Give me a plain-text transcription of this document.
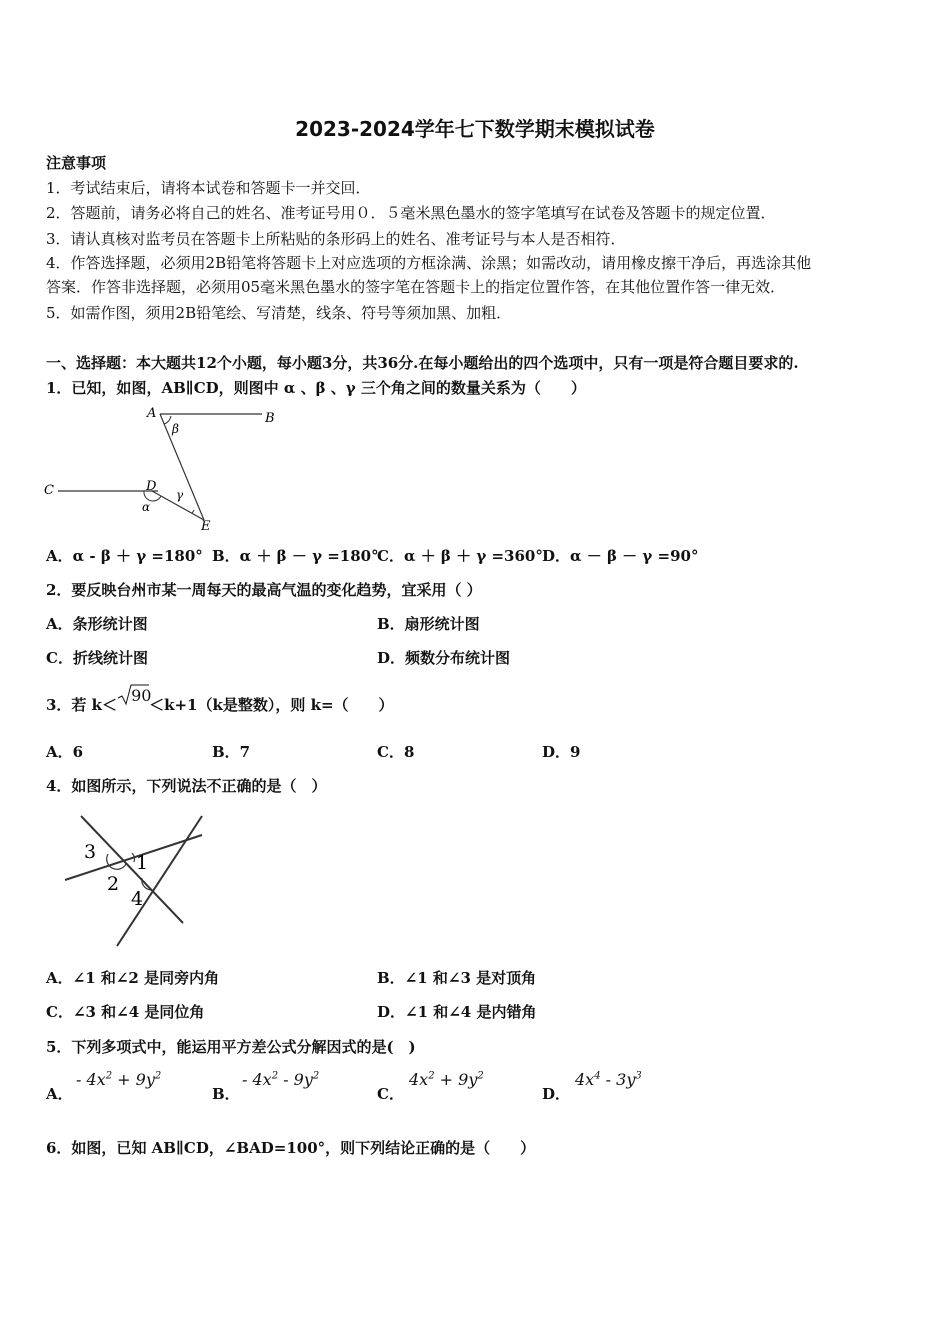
2023-2024学年七下数学期末模拟试卷
注意事项
1．考试结束后，请将本试卷和答题卡一并交回．
2．答题前，请务必将自己的姓名、准考证号用０．５毫米黑色墨水的签字笔填写在试卷及答题卡的规定位置．
3．请认真核对监考员在答题卡上所粘贴的条形码上的姓名、准考证号与本人是否相符．
4．作答选择题，必须用2B铅笔将答题卡上对应选项的方框涂满、涂黑；如需改动，请用橡皮擦干净后，再选涂其他
答案．作答非选择题，必须用05毫米黑色墨水的签字笔在答题卡上的指定位置作答，在其他位置作答一律无效．
5．如需作图，须用2B铅笔绘、写清楚，线条、符号等须加黑、加粗．
一、选择题：本大题共12个小题，每小题3分，共36分.在每小题给出的四个选项中，只有一项是符合题目要求的.
1．已知，如图，AB∥CD，则图中 α 、β 、γ 三个角之间的数量关系为（　　）
A	B
C	D
E
α
β
γ
A．α - β ＋ γ =180° B．α ＋ β － γ =180°
C．α ＋ β ＋ γ =360° D．α － β － γ =90°
2．要反映台州市某一周每天的最高气温的变化趋势，宜采用（ ）
A．条形统计图	B．扇形统计图
C．折线统计图	D．频数分布统计图
3．若 k＜ 90
＜k+1（k是整数），则 k=（　　）
A．6	B．7	C．8	D．9
4．如图所示，下列说法不正确的是（　）
3 1
2
4
A．∠1 和∠2 是同旁内角	B．∠1 和∠3 是对顶角
C．∠3 和∠4 是同位角	D．∠1 和∠4 是内错角
5．下列多项式中，能运用平方差公式分解因式的是(　)
A．
- $4x^2 + 9y^2$
B．
- $4x^2 - 9y^2$
C．
$4x^2 + 9y^2$
D．
$4x^4 - 3y^3$
6．如图，已知 AB∥CD，∠BAD=100°，则下列结论正确的是（　　）
